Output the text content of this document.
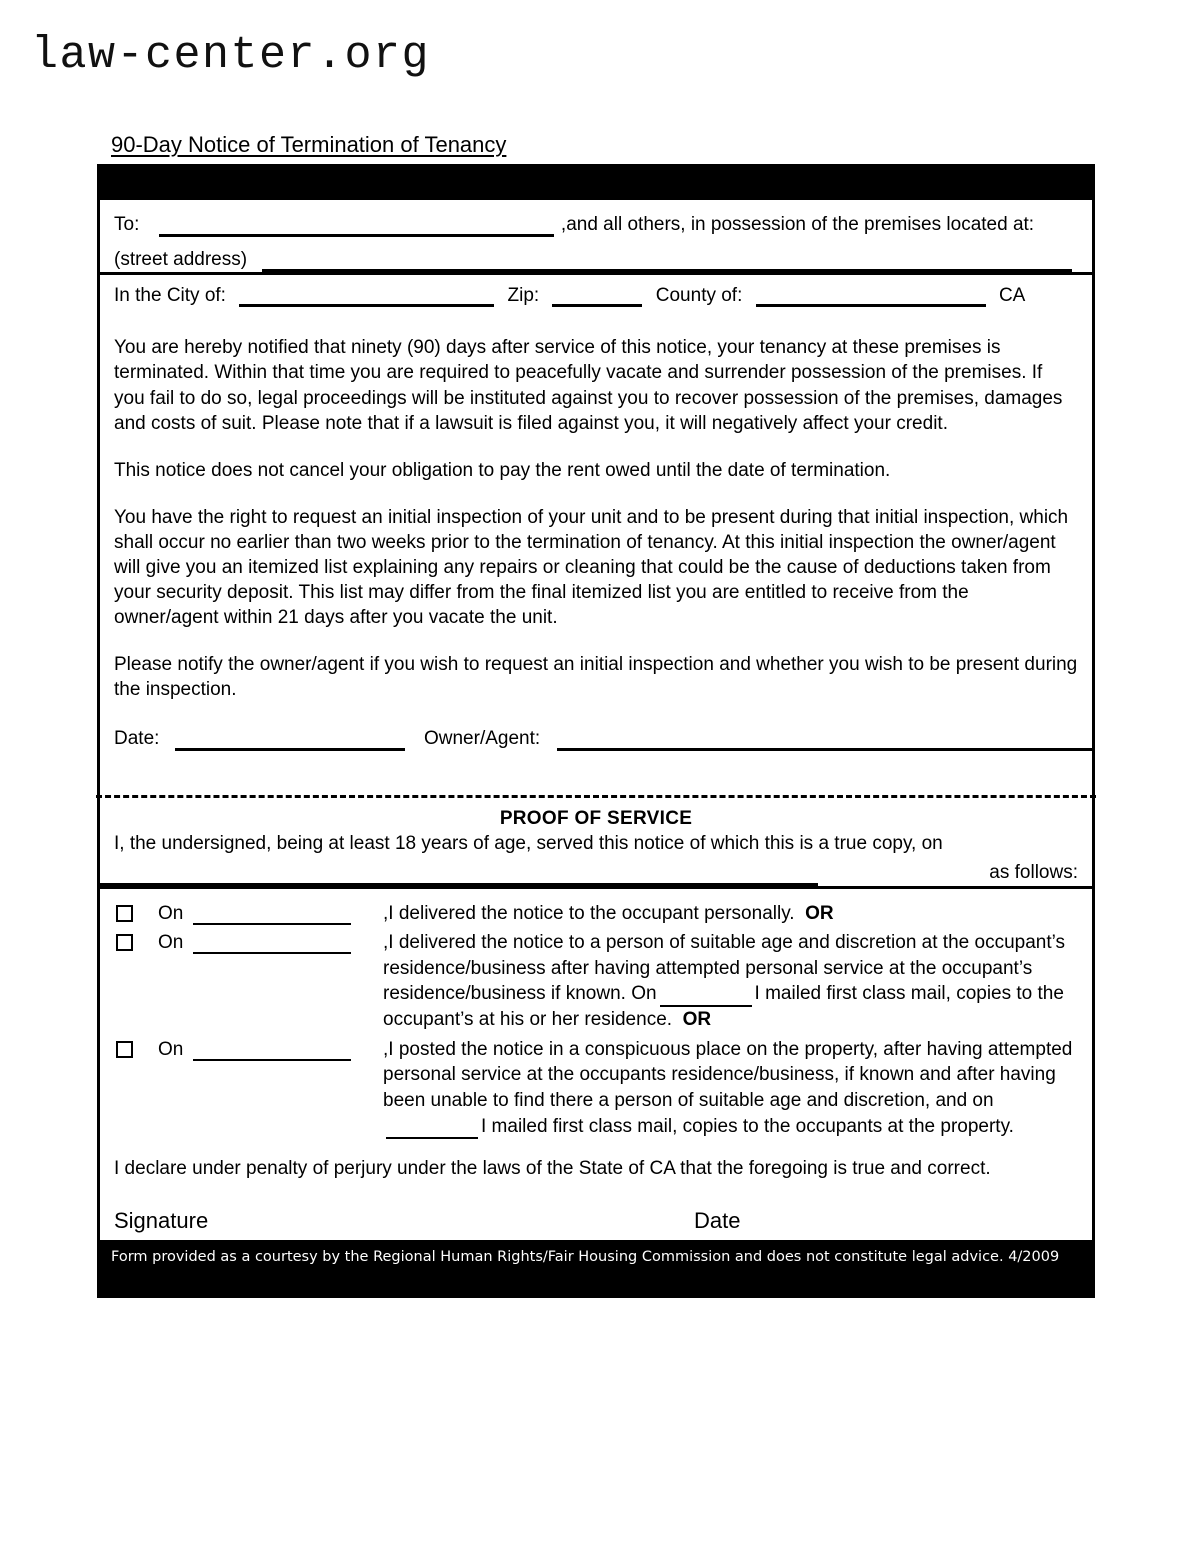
law-center.org
90-Day Notice of Termination of Tenancy
To:	,and all others, in possession of the premises located at:
(street address)
In the City of:	Zip:	County of:	CA

You are hereby notified that ninety (90) days after service of this notice, your tenancy at these premises is terminated. Within that time you are required to peacefully vacate and surrender possession of the premises. If you fail to do so, legal proceedings will be instituted against you to recover possession of the premises, damages and costs of suit. Please note that if a lawsuit is filed against you, it will negatively affect your credit.

This notice does not cancel your obligation to pay the rent owed until the date of termination.

You have the right to request an initial inspection of your unit and to be present during that initial inspection, which shall occur no earlier than two weeks prior to the termination of tenancy. At this initial inspection the owner/agent will give you an itemized list explaining any repairs or cleaning that could be the cause of deductions taken from your security deposit. This list may differ from the final itemized list you are entitled to receive from the owner/agent within 21 days after you vacate the unit.

Please notify the owner/agent if you wish to request an initial inspection and whether you wish to be present during the inspection.

Date:	Owner/Agent:
PROOF OF SERVICE
I, the undersigned, being at least 18 years of age, served this notice of which this is a true copy, on
as follows:
On	,I delivered the notice to the occupant personally. OR
On	,I delivered the notice to a person of suitable age and discretion at the occupant’s residence/business after having attempted personal service at the occupant’s residence/business if known. On	I mailed first class mail, copies to the occupant’s at his or her residence. OR
On	,I posted the notice in a conspicuous place on the property, after having attempted personal service at the occupants residence/business, if known and after having been unable to find there a person of suitable age and discretion, and onI mailed first class mail, copies to the occupants at the property.
I declare under penalty of perjury under the laws of the State of CA that the foregoing is true and correct.
Signature	Date
Form provided as a courtesy by the Regional Human Rights/Fair Housing Commission and does not constitute legal advice. 4/2009
